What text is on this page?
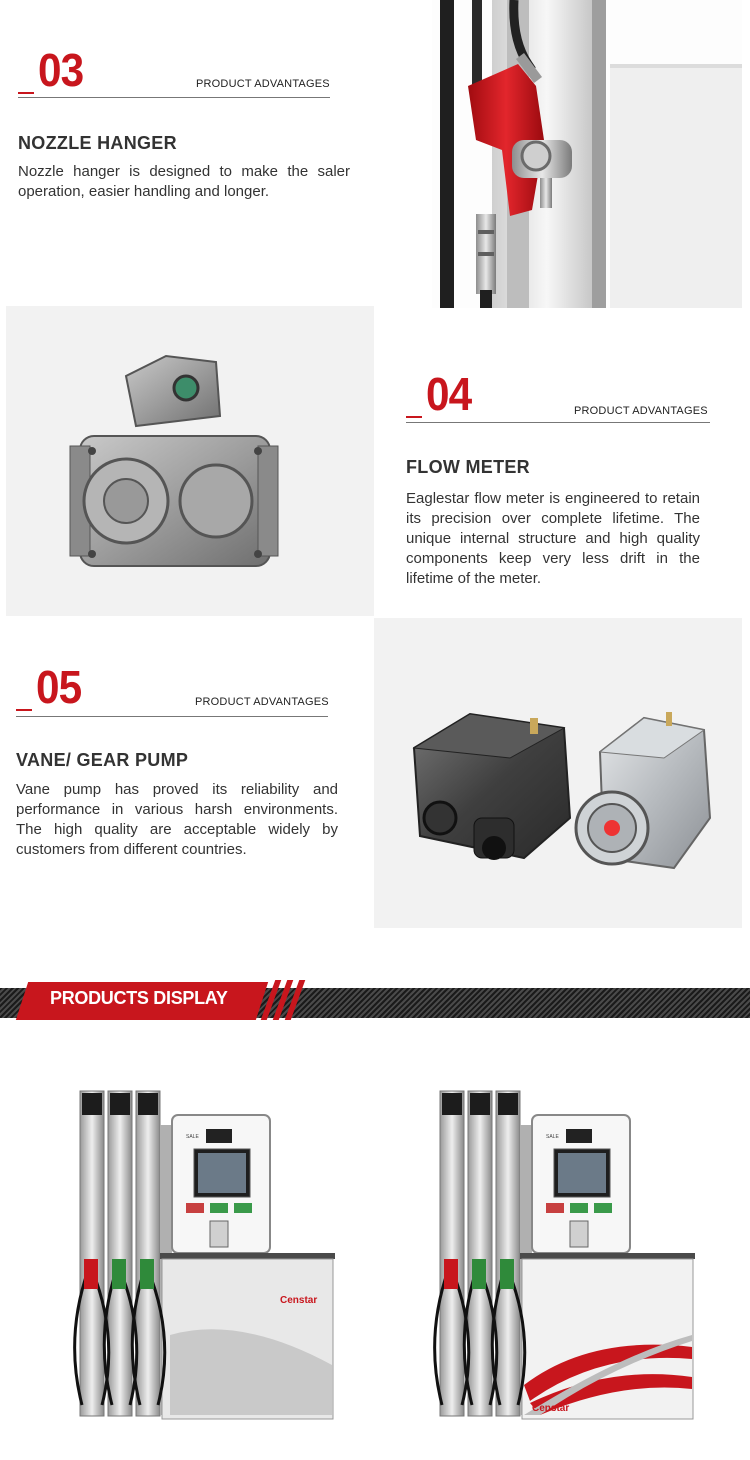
03	PRODUCT ADVANTAGES
NOZZLE HANGER
Nozzle hanger is designed to make the saler operation, easier handling and longer.
04	PRODUCT ADVANTAGES
FLOW METER
Eaglestar flow meter is engineered to retain its precision over complete lifetime. The unique internal structure and high quality components keep very less drift in the lifetime of the meter.
05	PRODUCT ADVANTAGES
VANE/ GEAR PUMP
Vane pump has proved its reliability and performance in various harsh environments. The high quality are acceptable widely by customers from different countries.
PRODUCTS DISPLAY
SALE
Censtar
SALE
Censtar
